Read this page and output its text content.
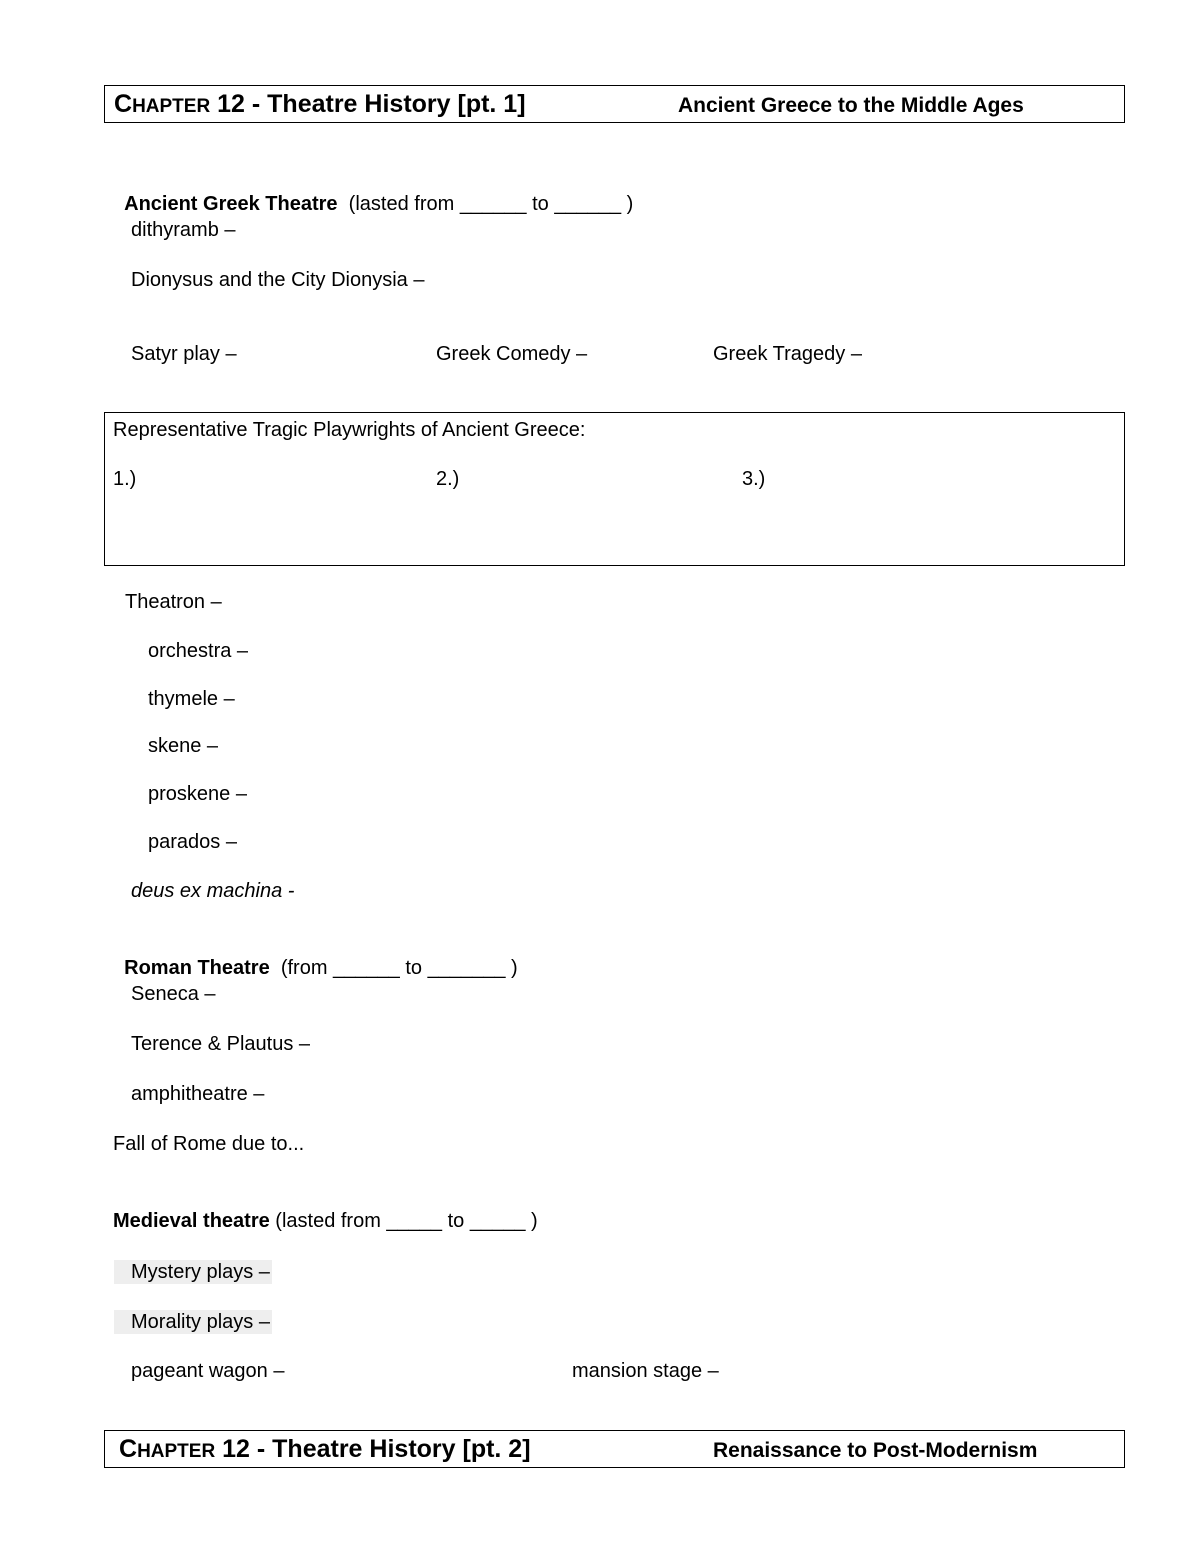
CHAPTER 12 - Theatre History [pt. 1]	Ancient Greece to the Middle Ages

Ancient Greek Theatre (lasted from ______ to ______ )

dithyramb –
Dionysus and the City Dionysia –
Satyr play –	Greek Comedy –	Greek Tragedy –
Representative Tragic Playwrights of Ancient Greece:
1.)	2.)	3.)
Theatron –
orchestra –
thymele –
skene –
proskene –
parados –
deus ex machina -

Roman Theatre (from ______ to _______ )

Seneca –
Terence & Plautus –
amphitheatre –
Fall of Rome due to...
Medieval theatre (lasted from _____ to _____ )
Mystery plays –
Morality plays –
pageant wagon –	mansion stage –
CHAPTER 12 - Theatre History [pt. 2]	Renaissance to Post-Modernism
